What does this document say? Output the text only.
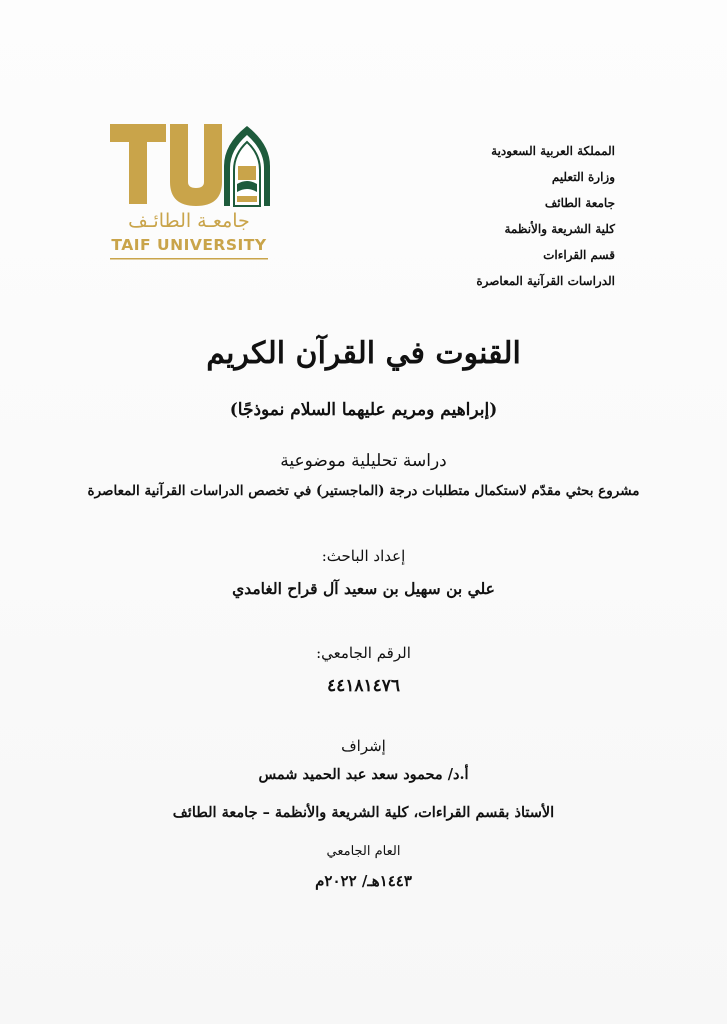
جامعـة الطائـف
TAIF UNIVERSITY
المملكة العربية السعودية
وزارة التعليم
جامعة الطائف
كلية الشريعة والأنظمة
قسم القراءات
الدراسات القرآنية المعاصرة
القنوت في القرآن الكريم
(إبراهيم ومريم عليهما السلام نموذجًا)
دراسة تحليلية موضوعية
مشروع بحثي مقدّم لاستكمال متطلبات درجة (الماجستير) في تخصص الدراسات القرآنية المعاصرة
إعداد الباحث:
علي بن سهيل بن سعيد آل قراح الغامدي
الرقم الجامعي:
٤٤١٨١٤٧٦
إشراف
أ.د/ محمود سعد عبد الحميد شمس
الأستاذ بقسم القراءات، كلية الشريعة والأنظمة – جامعة الطائف
العام الجامعي
١٤٤٣هـ/ ٢٠٢٢م
